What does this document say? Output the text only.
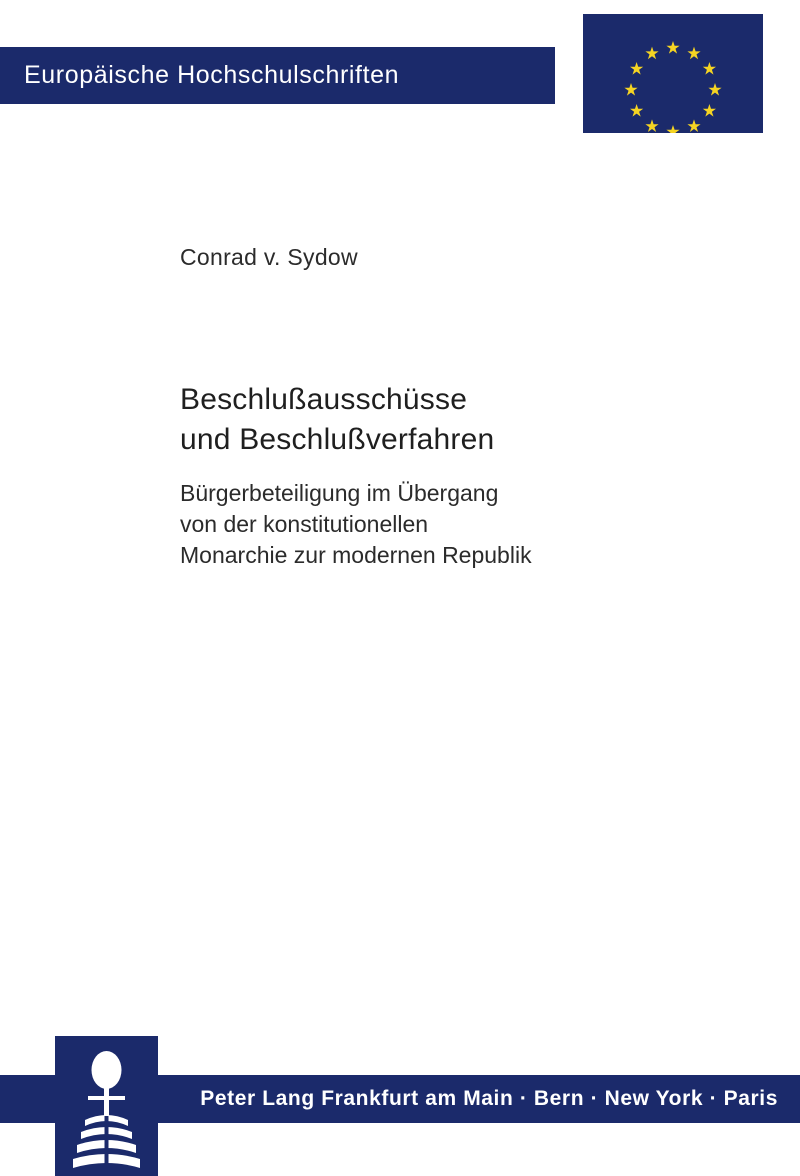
Europäische Hochschulschriften
Conrad v. Sydow
Beschlußausschüsse
und Beschlußverfahren
Bürgerbeteiligung im Übergang
von der konstitutionellen
Monarchie zur modernen Republik
Peter Lang Frankfurt am Main · Bern · New York · Paris
